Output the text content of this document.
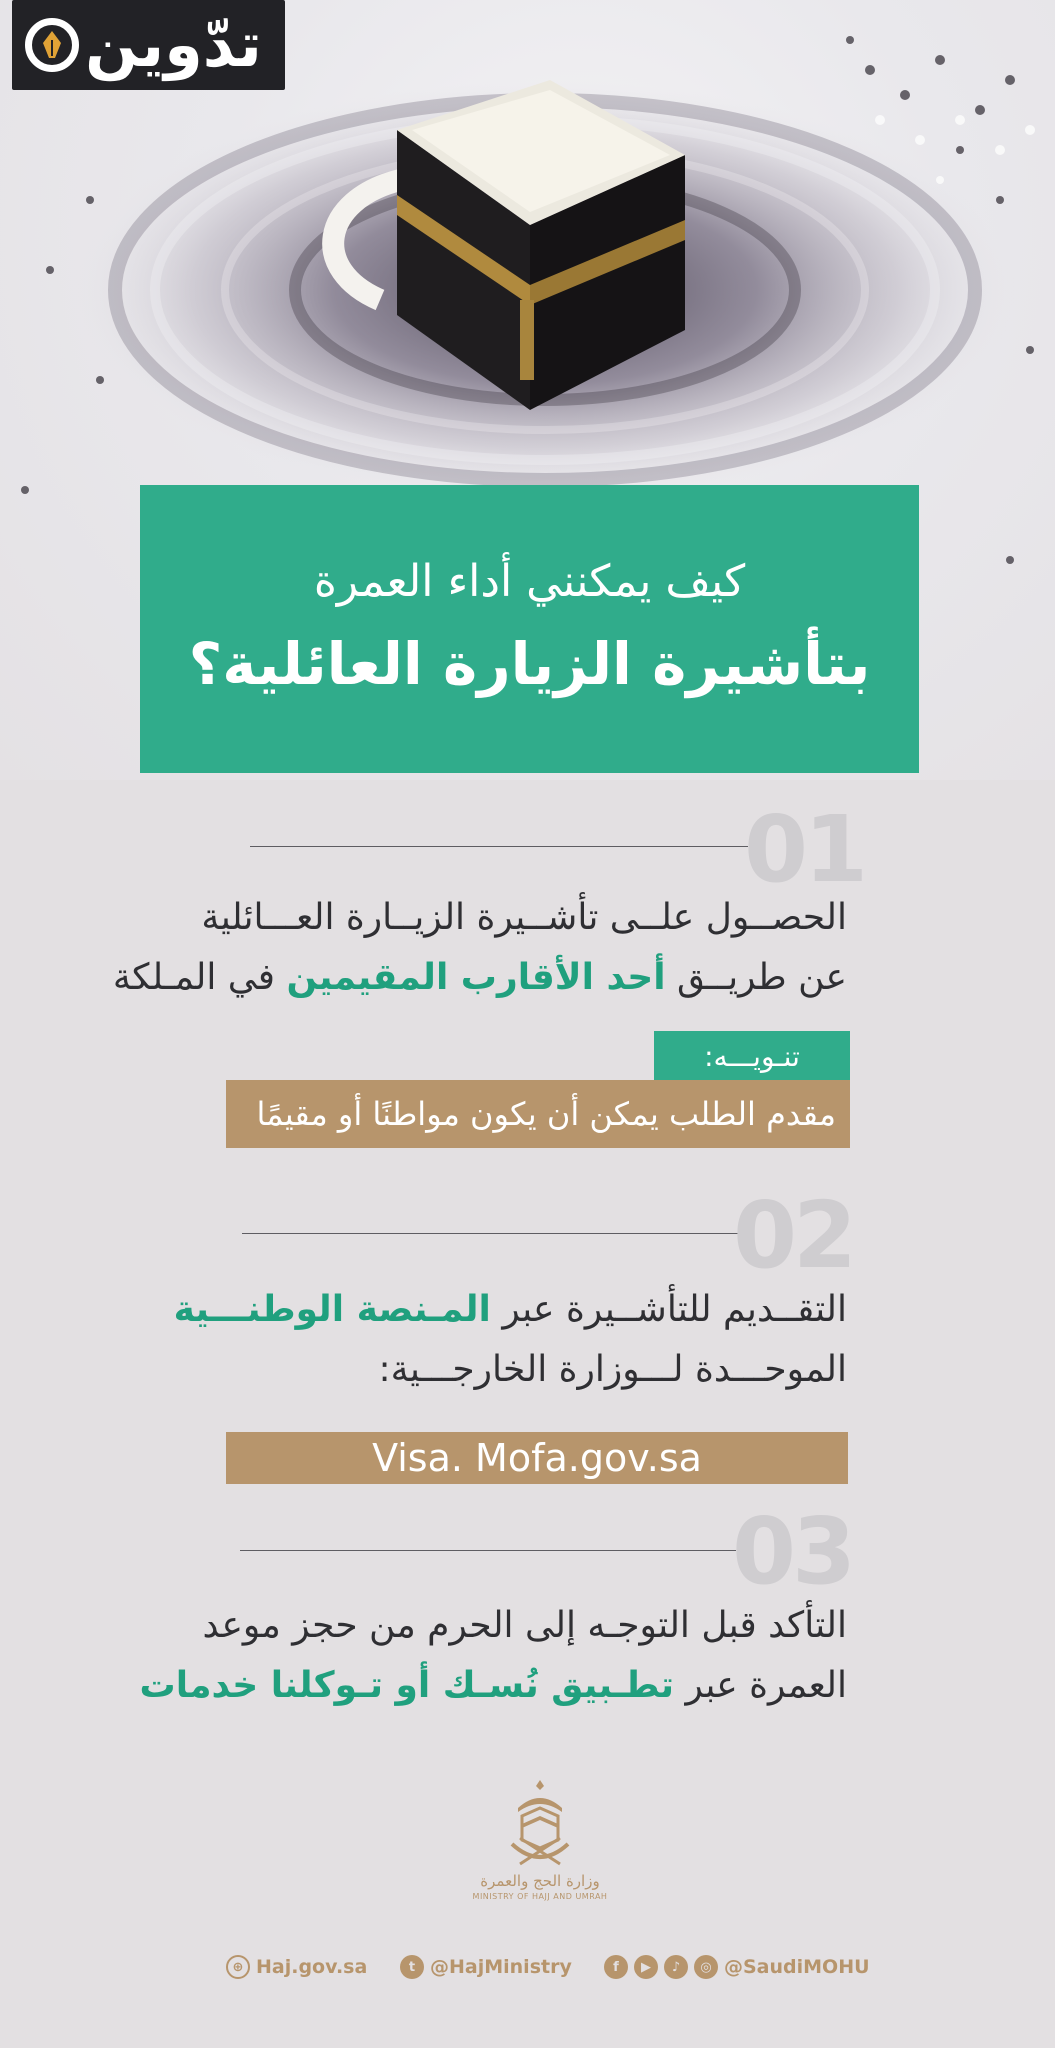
تدّوين
كيف يمكنني أداء العمرة
بتأشيرة الزيارة العائلية؟
01
الحصــول علــى تأشــيرة الزيــارة العـــائلية
عن طريــق أحد الأقارب المقيمين في المـلكة
تنـويـــه:
مقدم الطلب يمكن أن يكون مواطنًا أو مقيمًا
02
التقــديم للتأشــيرة عبر المـنصة الوطنـــية
الموحـــدة لـــوزارة الخارجـــية:
Visa. Mofa.gov.sa
03
التأكد قبل التوجـه إلى الحرم من حجز موعد
العمرة عبر تطـبيق نُسـك أو تـوكلنا خدمات
وزارة الحج والعمرة
MINISTRY OF HAJJ AND UMRAH
⊕ Haj.gov.sa	t @HajMinistry	f	▶	♪	◎ @SaudiMOHU
